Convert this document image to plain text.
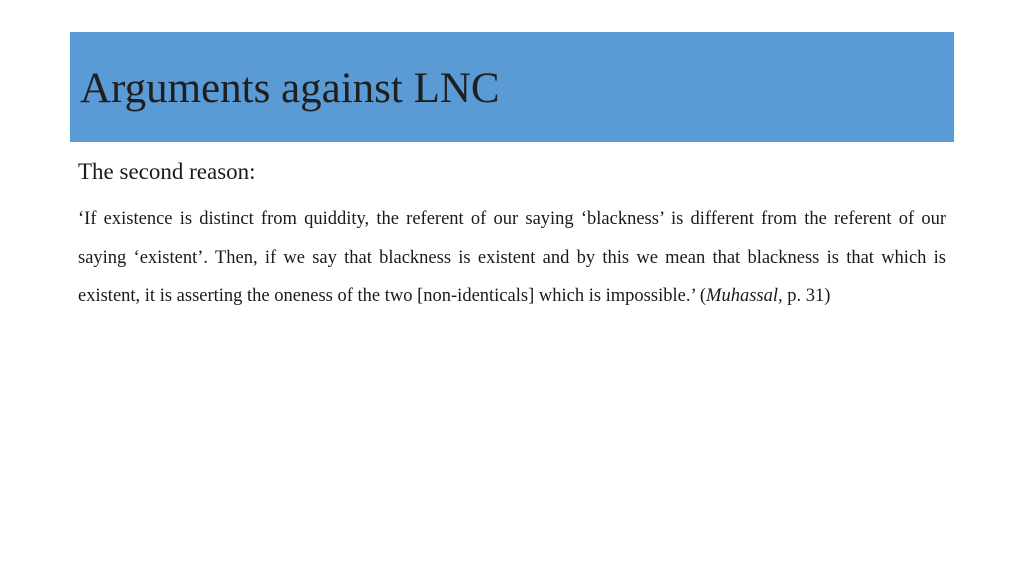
Arguments against LNC

The second reason:

‘If existence is distinct from quiddity, the referent of our saying ‘blackness’ is different from the referent of our saying ‘existent’. Then, if we say that blackness is existent and by this we mean that blackness is that which is existent, it is asserting the oneness of the two [non-identicals] which is impossible.’ (Muhassal, p. 31)
